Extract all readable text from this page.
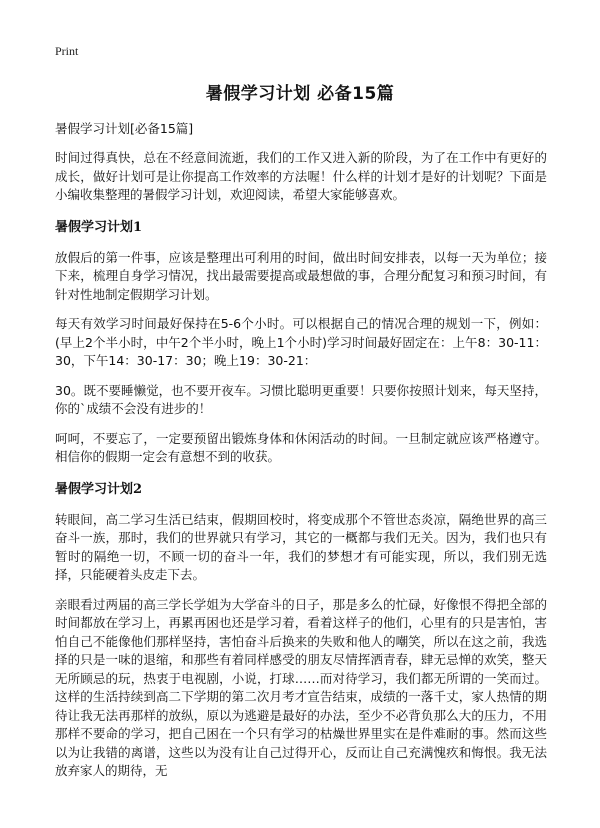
Print
暑假学习计划 必备15篇
暑假学习计划[必备15篇]

时间过得真快，总在不经意间流逝，我们的工作又进入新的阶段，为了在工作中有更好的成长，做好计划可是让你提高工作效率的方法喔！什么样的计划才是好的计划呢？下面是小编收集整理的暑假学习计划，欢迎阅读，希望大家能够喜欢。

暑假学习计划1

放假后的第一件事，应该是整理出可利用的时间，做出时间安排表，以每一天为单位；接下来，梳理自身学习情况，找出最需要提高或最想做的事，合理分配复习和预习时间，有针对性地制定假期学习计划。

每天有效学习时间最好保持在5-6个小时。可以根据自己的情况合理的规划一下，例如：(早上2个半小时，中午2个半小时，晚上1个小时)学习时间最好固定在：上午8：30-11：30，下午14：30-17：30；晚上19：30-21：

30。既不要睡懒觉，也不要开夜车。习惯比聪明更重要！只要你按照计划来，每天坚持，你的`成绩不会没有进步的！

呵呵，不要忘了，一定要预留出锻炼身体和休闲活动的时间。一旦制定就应该严格遵守。相信你的假期一定会有意想不到的收获。

暑假学习计划2

转眼间，高二学习生活已结束，假期回校时，将变成那个不管世态炎凉，隔绝世界的高三奋斗一族，那时，我们的世界就只有学习，其它的一概都与我们无关。因为，我们也只有暂时的隔绝一切，不顾一切的奋斗一年，我们的梦想才有可能实现，所以，我们别无选择，只能硬着头皮走下去。

亲眼看过两届的高三学长学姐为大学奋斗的日子，那是多么的忙碌，好像恨不得把全部的时间都放在学习上，再累再困也还是学习着，看着这样子的他们，心里有的只是害怕，害怕自己不能像他们那样坚持，害怕奋斗后换来的失败和他人的嘲笑，所以在这之前，我选择的只是一味的退缩，和那些有着同样感受的朋友尽情挥洒青春，肆无忌惮的欢笑，整天无所顾忌的玩，热衷于电视剧，小说，打球……而对待学习，我们都无所谓的一笑而过。这样的生活持续到高二下学期的第二次月考才宣告结束，成绩的一落千丈，家人热情的期待让我无法再那样的放纵，原以为逃避是最好的办法，至少不必背负那么大的压力，不用那样不要命的学习，把自己困在一个只有学习的枯燥世界里实在是件难耐的事。然而这些以为让我错的离谱，这些以为没有让自己过得开心，反而让自己充满愧疚和悔恨。我无法放弃家人的期待，无
